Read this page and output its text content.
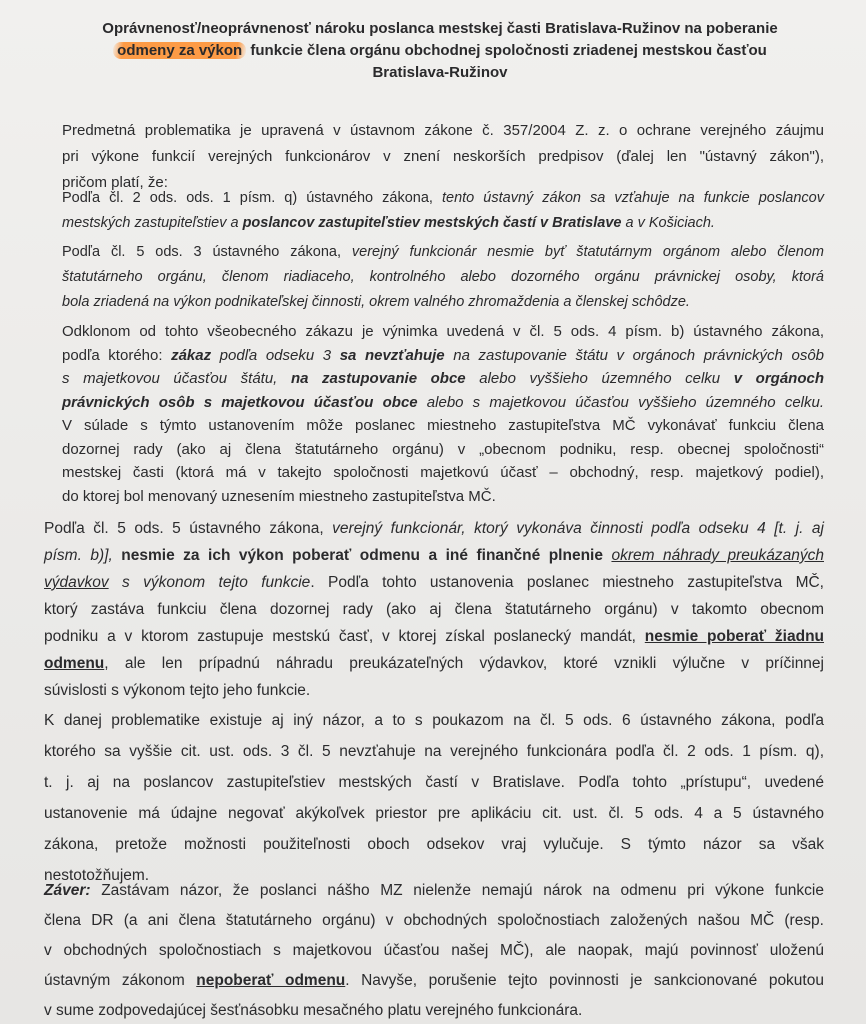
Oprávnenosť/neoprávnenosť nároku poslanca mestskej časti Bratislava-Ružinov na poberanie
odmeny za výkon funkcie člena orgánu obchodnej spoločnosti zriadenej mestskou časťou
Bratislava-Ružinov
Predmetná problematika je upravená v ústavnom zákone č. 357/2004 Z. z. o ochrane verejného záujmu
pri výkone funkcií verejných funkcionárov v znení neskorších predpisov (ďalej len "ústavný zákon"),
pričom platí, že:
Podľa čl. 2 ods. ods. 1 písm. q) ústavného zákona, tento ústavný zákon sa vzťahuje na funkcie poslancov
mestských zastupiteľstiev a poslancov zastupiteľstiev mestských častí v Bratislave a v Košiciach.
Podľa čl. 5 ods. 3 ústavného zákona, verejný funkcionár nesmie byť štatutárnym orgánom alebo členom
štatutárneho orgánu, členom riadiaceho, kontrolného alebo dozorného orgánu právnickej osoby, ktorá
bola zriadená na výkon podnikateľskej činnosti, okrem valného zhromaždenia a členskej schôdze.
Odklonom od tohto všeobecného zákazu je výnimka uvedená v čl. 5 ods. 4 písm. b) ústavného zákona,
podľa ktorého: zákaz podľa odseku 3 sa nevzťahuje na zastupovanie štátu v orgánoch právnických osôb
s majetkovou účasťou štátu, na zastupovanie obce alebo vyššieho územného celku v orgánoch
právnických osôb s majetkovou účasťou obce alebo s majetkovou účasťou vyššieho územného celku.
V súlade s týmto ustanovením môže poslanec miestneho zastupiteľstva MČ vykonávať funkciu člena
dozornej rady (ako aj člena štatutárneho orgánu) v „obecnom podniku, resp. obecnej spoločnosti“
mestskej časti (ktorá má v takejto spoločnosti majetkovú účasť – obchodný, resp. majetkový podiel),
do ktorej bol menovaný uznesením miestneho zastupiteľstva MČ.
Podľa čl. 5 ods. 5 ústavného zákona, verejný funkcionár, ktorý vykonáva činnosti podľa odseku 4 [t. j. aj
písm. b)], nesmie za ich výkon poberať odmenu a iné finančné plnenie okrem náhrady preukázaných
výdavkov s výkonom tejto funkcie. Podľa tohto ustanovenia poslanec miestneho zastupiteľstva MČ,
ktorý zastáva funkciu člena dozornej rady (ako aj člena štatutárneho orgánu) v takomto obecnom
podniku a v ktorom zastupuje mestskú časť, v ktorej získal poslanecký mandát, nesmie poberať žiadnu
odmenu, ale len prípadnú náhradu preukázateľných výdavkov, ktoré vznikli výlučne v príčinnej
súvislosti s výkonom tejto jeho funkcie.
K danej problematike existuje aj iný názor, a to s poukazom na čl. 5 ods. 6 ústavného zákona, podľa
ktorého sa vyššie cit. ust. ods. 3 čl. 5 nevzťahuje na verejného funkcionára podľa čl. 2 ods. 1 písm. q),
t. j. aj na poslancov zastupiteľstiev mestských častí v Bratislave. Podľa tohto „prístupu“, uvedené
ustanovenie má údajne negovať akýkoľvek priestor pre aplikáciu cit. ust. čl. 5 ods. 4 a 5 ústavného
zákona, pretože možnosti použiteľnosti oboch odsekov vraj vylučuje. S týmto názor sa však
nestotožňujem.
Záver: Zastávam názor, že poslanci nášho MZ nielenže nemajú nárok na odmenu pri výkone funkcie
člena DR (a ani člena štatutárneho orgánu) v obchodných spoločnostiach založených našou MČ (resp.
v obchodných spoločnostiach s majetkovou účasťou našej MČ), ale naopak, majú povinnosť uloženú
ústavným zákonom nepoberať odmenu. Navyše, porušenie tejto povinnosti je sankcionované pokutou
v sume zodpovedajúcej šesťnásobku mesačného platu verejného funkcionára.
